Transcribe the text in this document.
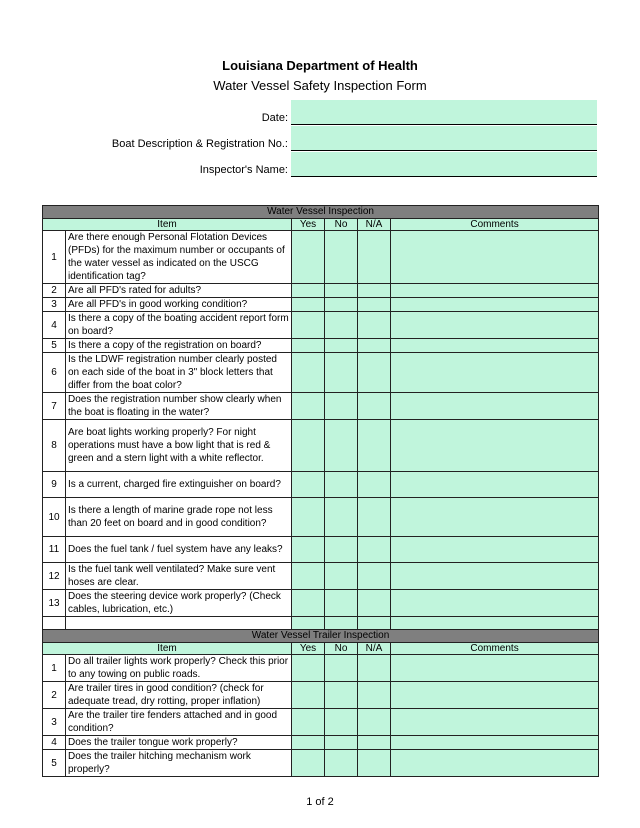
Louisiana Department of Health
Water Vessel Safety Inspection Form
Date:
Boat Description & Registration No.:
Inspector's Name:
Water Vessel Inspection					
Item		Yes	No	N/A	Comments
1	Are there enough Personal Flotation Devices (PFDs) for the maximum number or occupants of the water vessel as indicated on the USCG identification tag?				
2	Are all PFD's rated for adults?				
3	Are all PFD's in good working condition?				
4	Is there a copy of the boating accident report form on board?				
5	Is there a copy of the registration on board?				
6	Is the LDWF registration number clearly posted on each side of the boat in 3" block letters that differ from the boat color?				
7	Does the registration number show clearly when the boat is floating in the water?				
8	Are boat lights working properly? For night operations must have a bow light that is red & green and a stern light with a white reflector.				
9	Is a current, charged fire extinguisher on board?				
10	Is there a length of marine grade rope not less than 20 feet on board and in good condition?				
11	Does the fuel tank / fuel system have any leaks?				
12	Is the fuel tank well ventilated? Make sure vent hoses are clear.				
13	Does the steering device work properly? (Check cables, lubrication, etc.)				

Water Vessel Trailer Inspection					
Item		Yes	No	N/A	Comments
1	Do all trailer lights work properly? Check this prior to any towing on public roads.				
2	Are trailer tires in good condition? (check for adequate tread, dry rotting, proper inflation)				
3	Are the trailer tire fenders attached and in good condition?				
4	Does the trailer tongue work properly?				
5	Does the trailer hitching mechanism work properly?				
1 of 2
